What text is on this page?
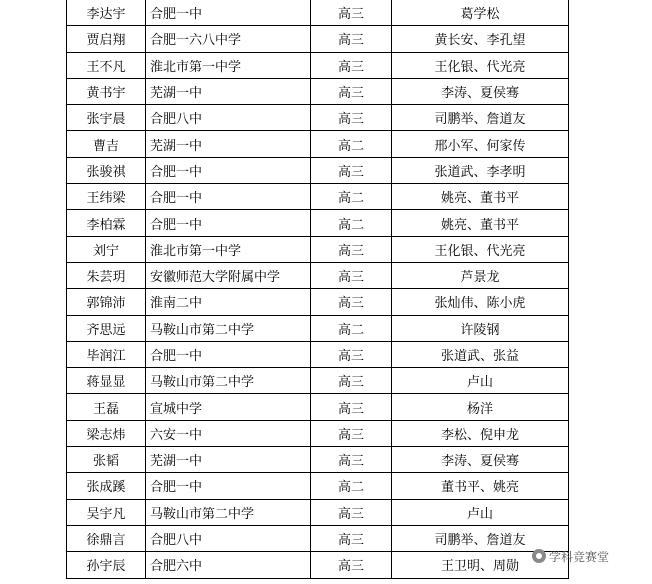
李达宇	合肥一中	高三	葛学松
贾启翔	合肥一六八中学	高三	黄长安、李孔望
王不凡	淮北市第一中学	高三	王化银、代光亮
黄书宇	芜湖一中	高三	李涛、夏侯骞
张宇晨	合肥八中	高三	司鹏举、詹道友
曹吉	芜湖一中	高二	邢小军、何家传
张骏祺	合肥一中	高三	张道武、李孝明
王纬梁	合肥一中	高二	姚亮、董书平
李柏霖	合肥一中	高二	姚亮、董书平
刘宁	淮北市第一中学	高三	王化银、代光亮
朱芸玥	安徽师范大学附属中学	高三	芦景龙
郭锦沛	淮南二中	高三	张灿伟、陈小虎
齐思远	马鞍山市第二中学	高二	许陵钢
毕润江	合肥一中	高三	张道武、张益
蒋显显	马鞍山市第二中学	高三	卢山
王磊	宣城中学	高三	杨洋
梁志炜	六安一中	高三	李松、倪申龙
张韬	芜湖一中	高三	李涛、夏侯骞
张成蹊	合肥一中	高二	董书平、姚亮
吴宇凡	马鞍山市第二中学	高三	卢山
徐鼎言	合肥八中	高三	司鹏举、詹道友
孙宇辰	合肥六中	高三	王卫明、周勋
学科竞赛堂
